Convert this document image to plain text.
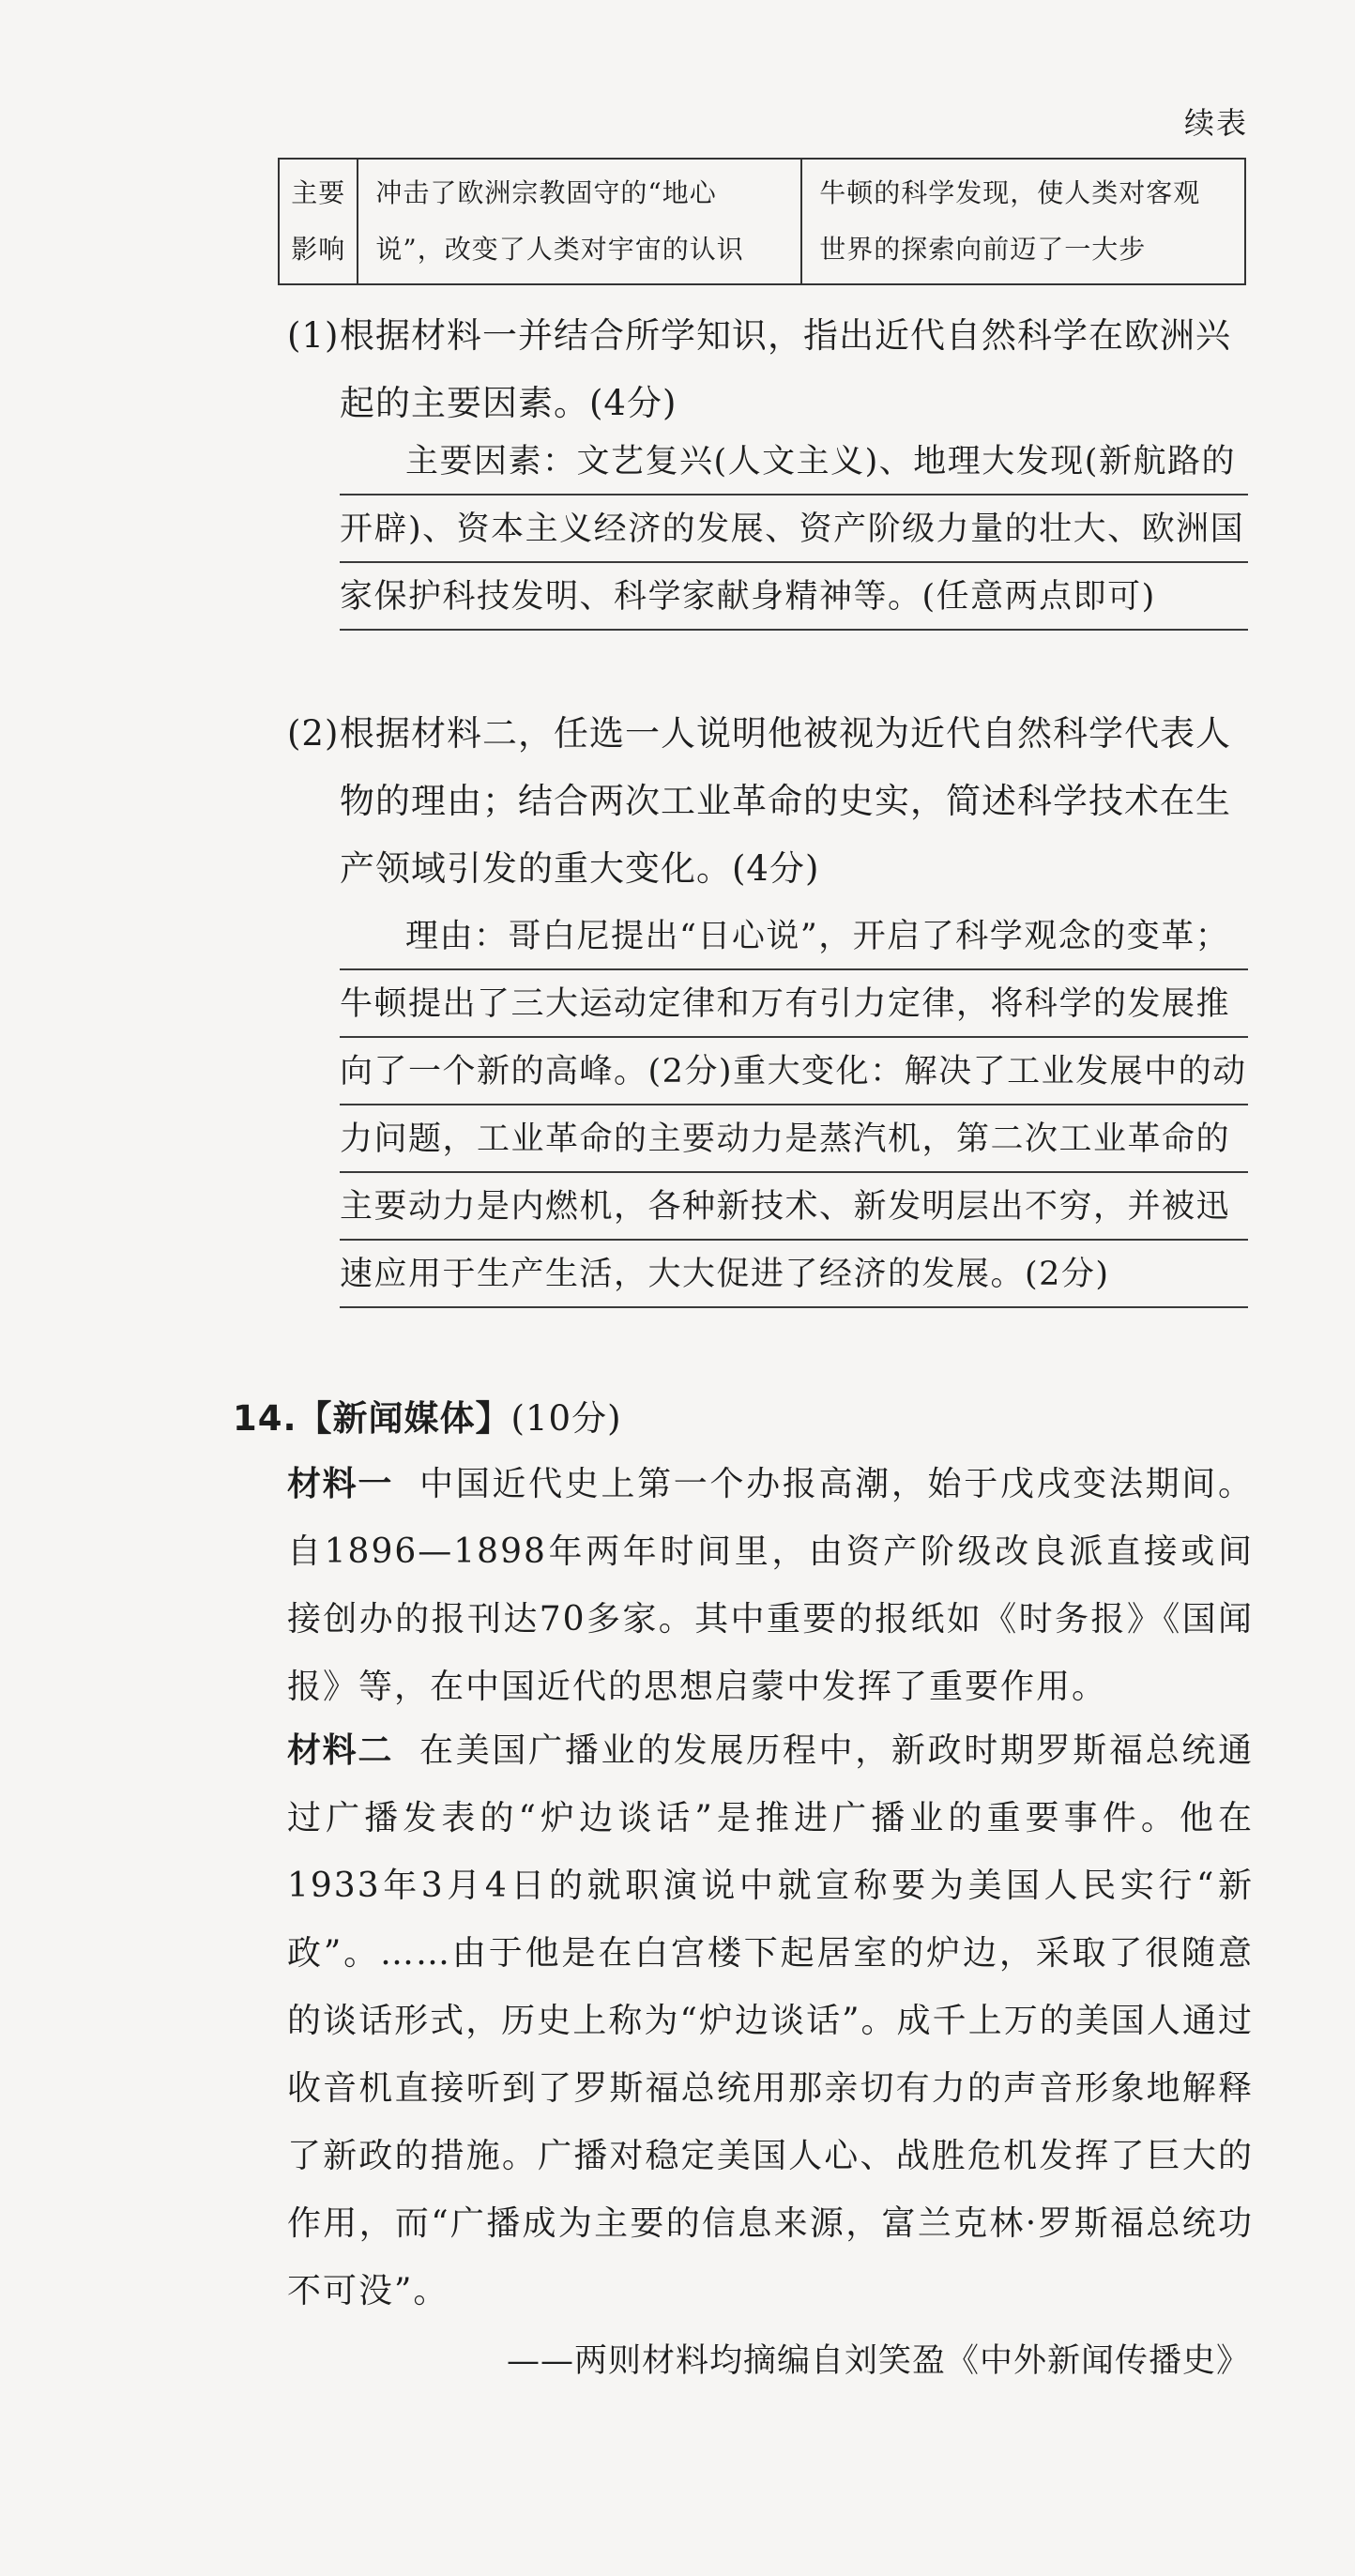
续表
主要影响	冲击了欧洲宗教固守的“地心说”，改变了人类对宇宙的认识	牛顿的科学发现，使人类对客观世界的探索向前迈了一大步
(1) 根据材料一并结合所学知识，指出近代自然科学在欧洲兴起的主要因素。(4分)
主要因素：文艺复兴(人文主义)、地理大发现(新航路的开辟)、资本主义经济的发展、资产阶级力量的壮大、欧洲国家保护科技发明、科学家献身精神等。(任意两点即可)
(2) 根据材料二，任选一人说明他被视为近代自然科学代表人物的理由；结合两次工业革命的史实，简述科学技术在生产领域引发的重大变化。(4分)
理由：哥白尼提出“日心说”，开启了科学观念的变革；牛顿提出了三大运动定律和万有引力定律，将科学的发展推向了一个新的高峰。(2分)重大变化：解决了工业发展中的动力问题，工业革命的主要动力是蒸汽机，第二次工业革命的主要动力是内燃机，各种新技术、新发明层出不穷，并被迅速应用于生产生活，大大促进了经济的发展。(2分)
14.【新闻媒体】(10分)
材料一 中国近代史上第一个办报高潮，始于戊戌变法期间。自1896—1898年两年时间里，由资产阶级改良派直接或间接创办的报刊达70多家。其中重要的报纸如《时务报》《国闻报》等，在中国近代的思想启蒙中发挥了重要作用。
材料二 在美国广播业的发展历程中，新政时期罗斯福总统通过广播发表的“炉边谈话”是推进广播业的重要事件。他在1933年3月4日的就职演说中就宣称要为美国人民实行“新政”。……由于他是在白宫楼下起居室的炉边，采取了很随意的谈话形式，历史上称为“炉边谈话”。成千上万的美国人通过收音机直接听到了罗斯福总统用那亲切有力的声音形象地解释了新政的措施。广播对稳定美国人心、战胜危机发挥了巨大的作用，而“广播成为主要的信息来源，富兰克林·罗斯福总统功不可没”。
——两则材料均摘编自刘笑盈《中外新闻传播史》
